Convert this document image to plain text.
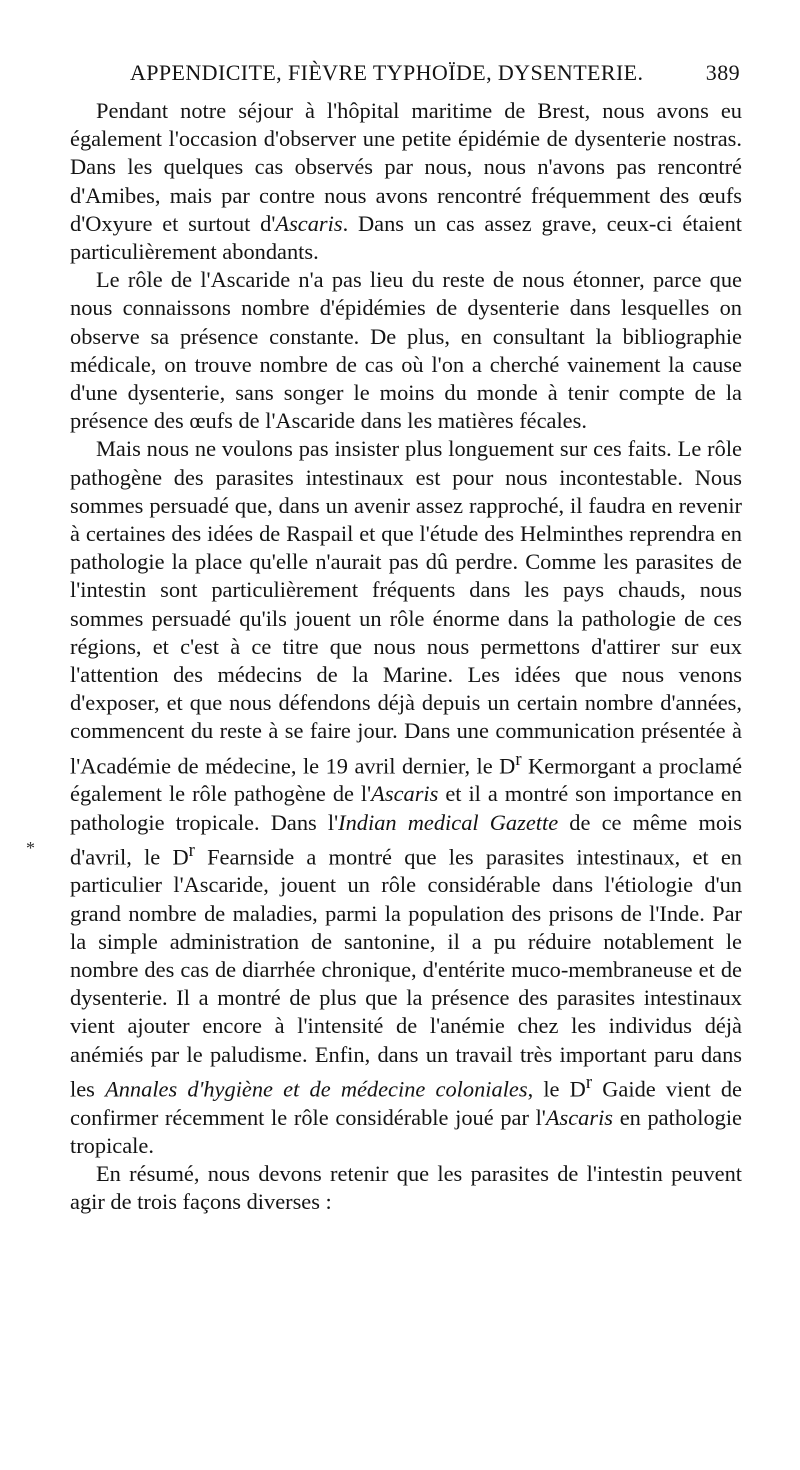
APPENDICITE, FIÈVRE TYPHOÏDE, DYSENTERIE.	389
*

Pendant notre séjour à l'hôpital maritime de Brest, nous avons eu également l'occasion d'observer une petite épidémie de dysenterie nostras. Dans les quelques cas observés par nous, nous n'avons pas rencontré d'Amibes, mais par contre nous avons rencontré fréquemment des œufs d'Oxyure et surtout d'Ascaris. Dans un cas assez grave, ceux-ci étaient particulièrement abondants.

Le rôle de l'Ascaride n'a pas lieu du reste de nous étonner, parce que nous connaissons nombre d'épidémies de dysenterie dans lesquelles on observe sa présence constante. De plus, en consultant la bibliographie médicale, on trouve nombre de cas où l'on a cherché vainement la cause d'une dysenterie, sans songer le moins du monde à tenir compte de la présence des œufs de l'Ascaride dans les matières fécales.

Mais nous ne voulons pas insister plus longuement sur ces faits. Le rôle pathogène des parasites intestinaux est pour nous incontestable. Nous sommes persuadé que, dans un avenir assez rapproché, il faudra en revenir à certaines des idées de Raspail et que l'étude des Helminthes reprendra en pathologie la place qu'elle n'aurait pas dû perdre. Comme les parasites de l'intestin sont particulièrement fréquents dans les pays chauds, nous sommes persuadé qu'ils jouent un rôle énorme dans la pathologie de ces régions, et c'est à ce titre que nous nous permettons d'attirer sur eux l'attention des médecins de la Marine. Les idées que nous venons d'exposer, et que nous défendons déjà depuis un certain nombre d'années, commencent du reste à se faire jour. Dans une communication présentée à l'Académie de médecine, le 19 avril dernier, le $D^r$ Kermorgant a proclamé également le rôle pathogène de l'Ascaris et il a montré son importance en pathologie tropicale. Dans l'Indian medical Gazette de ce même mois d'avril, le $D^r$ Fearnside a montré que les parasites intestinaux, et en particulier l'Ascaride, jouent un rôle considérable dans l'étiologie d'un grand nombre de maladies, parmi la population des prisons de l'Inde. Par la simple administration de santonine, il a pu réduire notablement le nombre des cas de diarrhée chronique, d'entérite muco-membraneuse et de dysenterie. Il a montré de plus que la présence des parasites intestinaux vient ajouter encore à l'intensité de l'anémie chez les individus déjà anémiés par le paludisme. Enfin, dans un travail très important paru dans les Annales d'hygiène et de médecine coloniales, le $D^r$ Gaide vient de confirmer récemment le rôle considérable joué par l'Ascaris en pathologie tropicale.

En résumé, nous devons retenir que les parasites de l'intestin peuvent agir de trois façons diverses :
